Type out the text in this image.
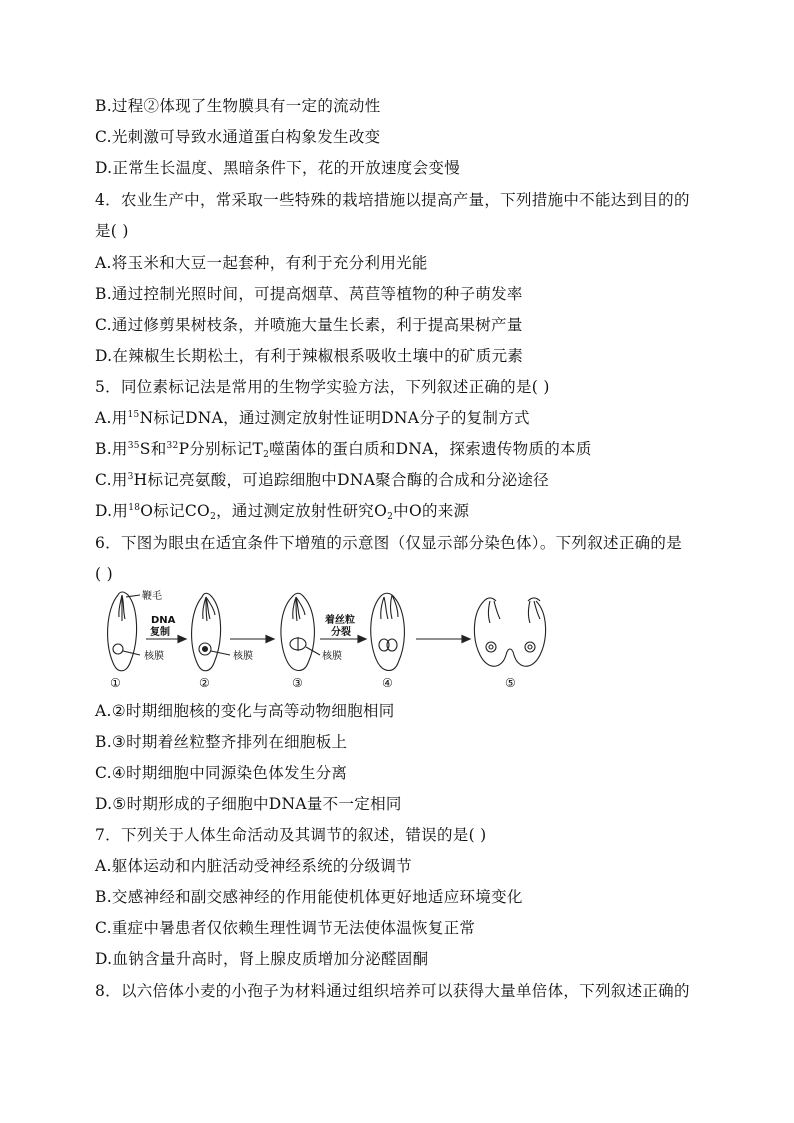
B.过程②体现了生物膜具有一定的流动性
C.光刺激可导致水通道蛋白构象发生改变
D.正常生长温度、黑暗条件下，花的开放速度会变慢
4．农业生产中，常采取一些特殊的栽培措施以提高产量，下列措施中不能达到目的的
是( )
A.将玉米和大豆一起套种，有利于充分利用光能
B.通过控制光照时间，可提高烟草、莴苣等植物的种子萌发率
C.通过修剪果树枝条，并喷施大量生长素，利于提高果树产量
D.在辣椒生长期松土，有利于辣椒根系吸收土壤中的矿质元素
5．同位素标记法是常用的生物学实验方法，下列叙述正确的是( )
A.用$^{15}$N标记DNA，通过测定放射性证明DNA分子的复制方式
B.用$^{35}$S和$^{32}$P分别标记$T_2$噬菌体的蛋白质和DNA，探索遗传物质的本质
C.用$^3$H标记亮氨酸，可追踪细胞中DNA聚合酶的合成和分泌途径
D.用$^{18}$O标记$CO_2$，通过测定放射性研究$O_2$中O的来源
6．下图为眼虫在适宜条件下增殖的示意图（仅显示部分染色体）。下列叙述正确的是
( )
鞭毛
核膜	核膜	核膜
DNA
复制
着丝粒
分裂
①	②	③	④	⑤
A.②时期细胞核的变化与高等动物细胞相同
B.③时期着丝粒整齐排列在细胞板上
C.④时期细胞中同源染色体发生分离
D.⑤时期形成的子细胞中DNA量不一定相同
7．下列关于人体生命活动及其调节的叙述，错误的是( )
A.躯体运动和内脏活动受神经系统的分级调节
B.交感神经和副交感神经的作用能使机体更好地适应环境变化
C.重症中暑患者仅依赖生理性调节无法使体温恢复正常
D.血钠含量升高时，肾上腺皮质增加分泌醛固酮
8．以六倍体小麦的小孢子为材料通过组织培养可以获得大量单倍体，下列叙述正确的
